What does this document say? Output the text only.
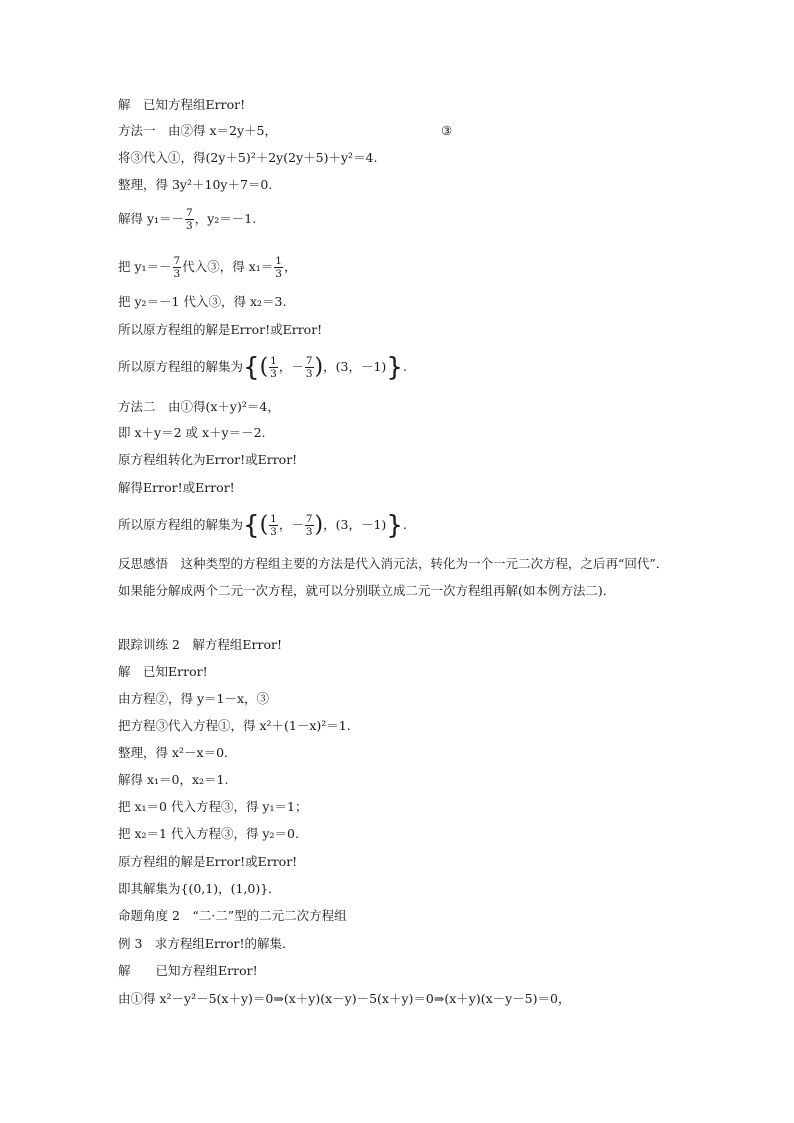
解　已知方程组Error!
方法一　由②得 x＝2y＋5，	③
将③代入①，得(2y＋5)²＋2y(2y＋5)＋y²＝4.
整理，得 3y²＋10y＋7＝0.
解得 $y_1=- \frac{7}{3}$ ，y₂＝－1.
把 $y_1=- \frac{7}{3}$ 代入③，得 $x_1= \frac{1}{3}$ ，
把 y₂＝－1 代入③，得 x₂＝3.
所以原方程组的解是Error!或Error!
所以原方程组的解集为{( $\frac{1}{3}$ ，－ $\frac{7}{3}$ )，(3，－1)}.
方法二　由①得(x＋y)²＝4，
即 x＋y＝2 或 x＋y＝－2.
原方程组转化为Error!或Error!
解得Error!或Error!
所以原方程组的解集为{( $\frac{1}{3}$ ，－ $\frac{7}{3}$ )，(3，－1)}.
反思感悟　这种类型的方程组主要的方法是代入消元法，转化为一个一元二次方程，之后再“回代”．如果能分解成两个二元一次方程，就可以分别联立成二元一次方程组再解(如本例方法二)．
跟踪训练 2　解方程组Error!
解　已知Error!
由方程②，得 y＝1－x，③
把方程③代入方程①，得 x²＋(1－x)²＝1.
整理，得 x²－x＝0.
解得 x₁＝0，x₂＝1.
把 x₁＝0 代入方程③，得 y₁＝1；
把 x₂＝1 代入方程③，得 y₂＝0.
原方程组的解是Error!或Error!
即其解集为{(0,1)，(1,0)}．
命题角度 2　“二·二”型的二元二次方程组
例 3　求方程组Error!的解集．
解　　已知方程组Error!
由①得 x²－y²－5(x＋y)＝0⇒(x＋y)(x－y)－5(x＋y)＝0⇒(x＋y)(x－y－5)＝0，
